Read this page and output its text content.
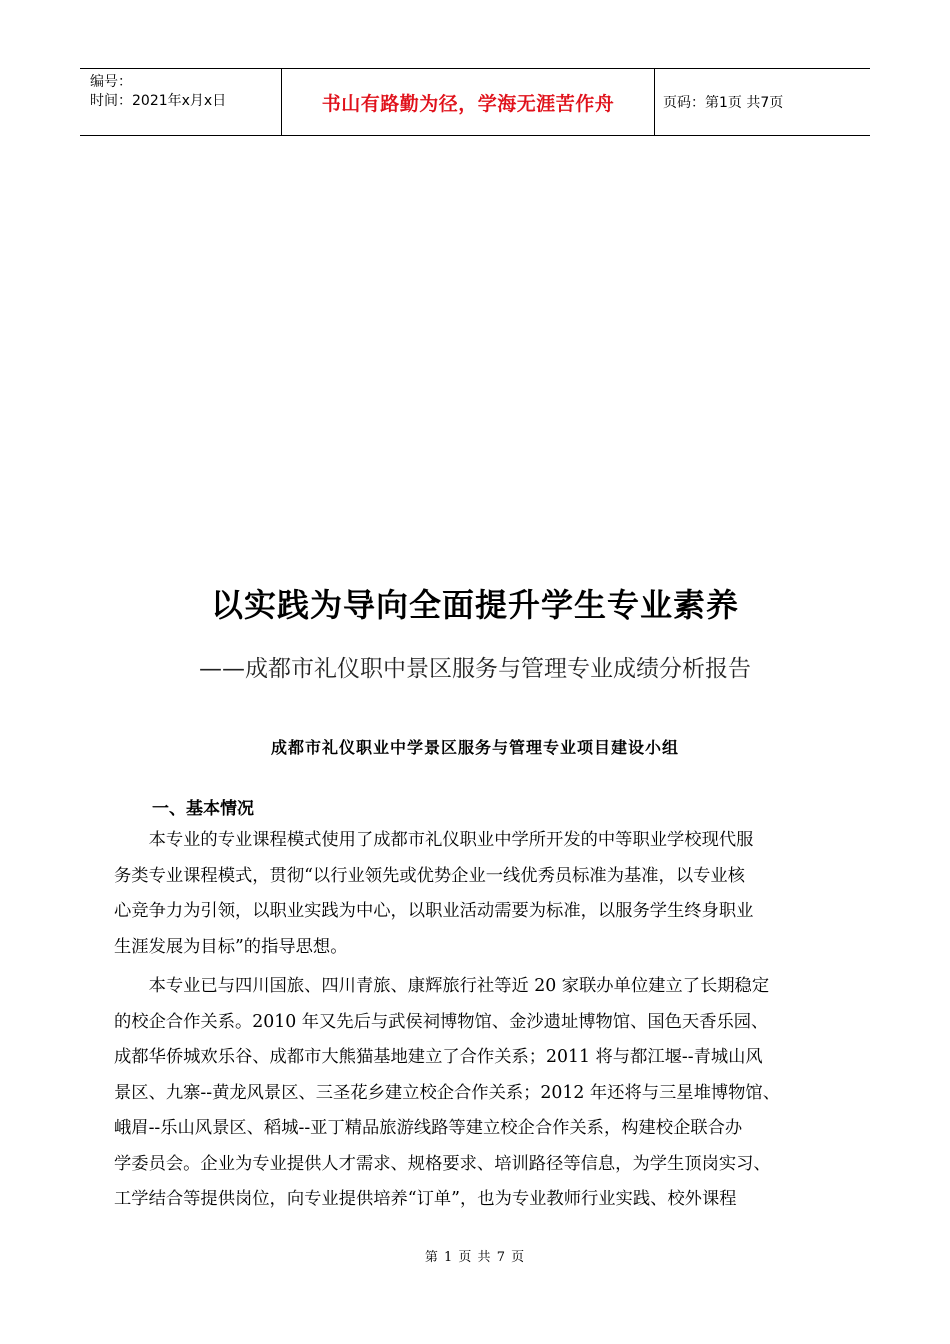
编号：
时间：2021年x月x日	书山有路勤为径，学海无涯苦作舟	页码：第1页 共7页
以实践为导向全面提升学生专业素养
——成都市礼仪职中景区服务与管理专业成绩分析报告
成都市礼仪职业中学景区服务与管理专业项目建设小组
一、基本情况
　　本专业的专业课程模式使用了成都市礼仪职业中学所开发的中等职业学校现代服
务类专业课程模式，贯彻“以行业领先或优势企业一线优秀员标准为基准，以专业核
心竞争力为引领，以职业实践为中心，以职业活动需要为标准，以服务学生终身职业
生涯发展为目标”的指导思想。
　　本专业已与四川国旅、四川青旅、康辉旅行社等近 20 家联办单位建立了长期稳定
的校企合作关系。2010 年又先后与武侯祠博物馆、金沙遗址博物馆、国色天香乐园、
成都华侨城欢乐谷、成都市大熊猫基地建立了合作关系；2011 将与都江堰--青城山风
景区、九寨--黄龙风景区、三圣花乡建立校企合作关系；2012 年还将与三星堆博物馆、
峨眉--乐山风景区、稻城--亚丁精品旅游线路等建立校企合作关系，构建校企联合办
学委员会。企业为专业提供人才需求、规格要求、培训路径等信息，为学生顶岗实习、
工学结合等提供岗位，向专业提供培养“订单”，也为专业教师行业实践、校外课程
第 1 页 共 7 页
